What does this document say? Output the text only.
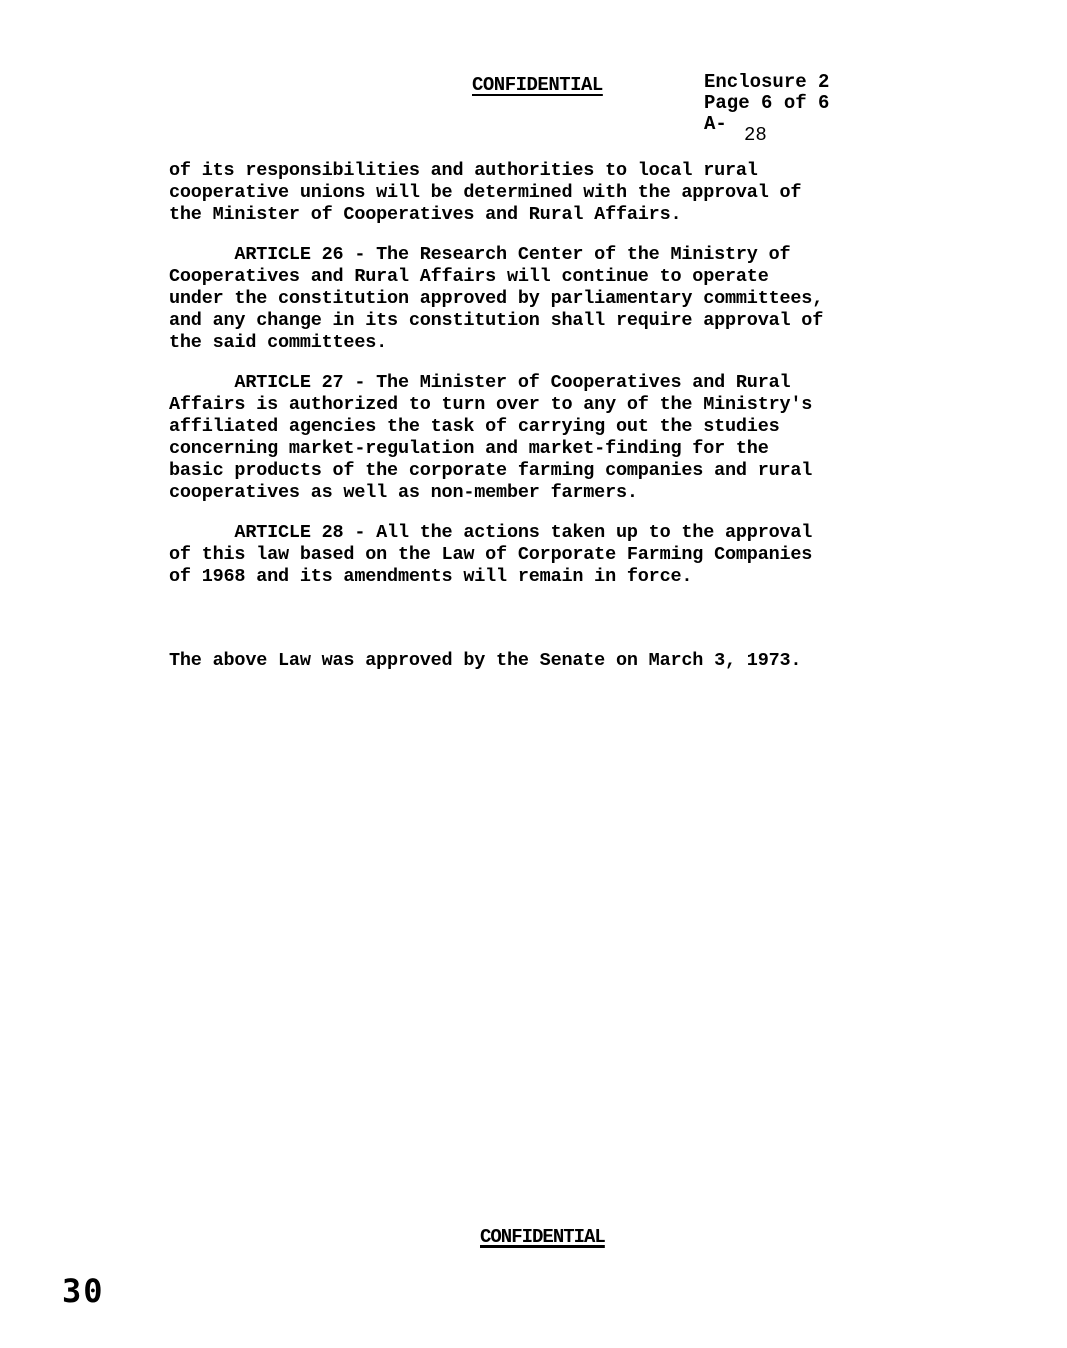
CONFIDENTIAL	Enclosure 2
Page 6 of 6
A- 28
of its responsibilities and authorities to local rural
cooperative unions will be determined with the approval of
the Minister of Cooperatives and Rural Affairs.
ARTICLE 26 - The Research Center of the Ministry of
Cooperatives and Rural Affairs will continue to operate
under the constitution approved by parliamentary committees,
and any change in its constitution shall require approval of
the said committees.
ARTICLE 27 - The Minister of Cooperatives and Rural
Affairs is authorized to turn over to any of the Ministry's
affiliated agencies the task of carrying out the studies
concerning market-regulation and market-finding for the
basic products of the corporate farming companies and rural
cooperatives as well as non-member farmers.
ARTICLE 28 - All the actions taken up to the approval
of this law based on the Law of Corporate Farming Companies
of 1968 and its amendments will remain in force.
The above Law was approved by the Senate on March 3, 1973.
CONFIDENTIAL
30
